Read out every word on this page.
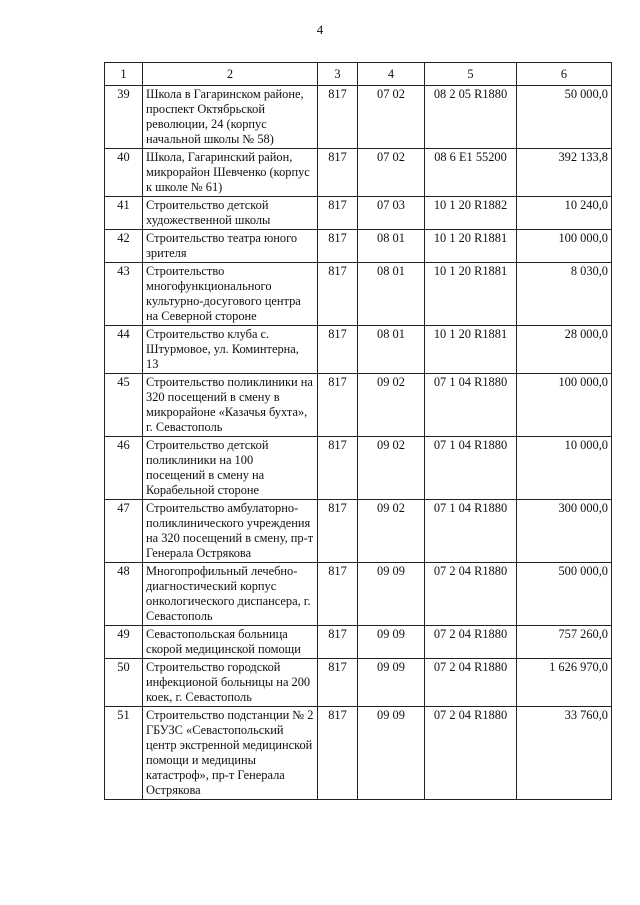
4
1	2	3	4	5	6
39	Школа в Гагаринском районе, проспект Октябрьской революции, 24 (корпус начальной школы № 58)	817	07 02	08 2 05 R1880	50 000,0
40	Школа, Гагаринский район, микрорайон Шевченко (корпус к школе № 61)	817	07 02	08 6 E1 55200	392 133,8
41	Строительство детской художественной школы	817	07 03	10 1 20 R1882	10 240,0
42	Строительство театра юного зрителя	817	08 01	10 1 20 R1881	100 000,0
43	Строительство многофункционального культурно-досугового центра на Северной стороне	817	08 01	10 1 20 R1881	8 030,0
44	Строительство клуба с. Штурмовое, ул. Коминтерна, 13	817	08 01	10 1 20 R1881	28 000,0
45	Строительство поликлиники на 320 посещений в смену в микрорайоне «Казачья бухта», г. Севастополь	817	09 02	07 1 04 R1880	100 000,0
46	Строительство детской поликлиники на 100 посещений в смену на Корабельной стороне	817	09 02	07 1 04 R1880	10 000,0
47	Строительство амбулаторно-поликлинического учреждения на 320 посещений в смену, пр-т Генерала Острякова	817	09 02	07 1 04 R1880	300 000,0
48	Многопрофильный лечебно-диагностический корпус онкологического диспансера, г. Севастополь	817	09 09	07 2 04 R1880	500 000,0
49	Севастопольская больница скорой медицинской помощи	817	09 09	07 2 04 R1880	757 260,0
50	Строительство городской инфекционой больницы на 200 коек, г. Севастополь	817	09 09	07 2 04 R1880	1 626 970,0
51	Строительство подстанции № 2 ГБУЗС «Севастопольский центр экстренной медицинской помощи и медицины катастроф», пр-т Генерала Острякова	817	09 09	07 2 04 R1880	33 760,0
